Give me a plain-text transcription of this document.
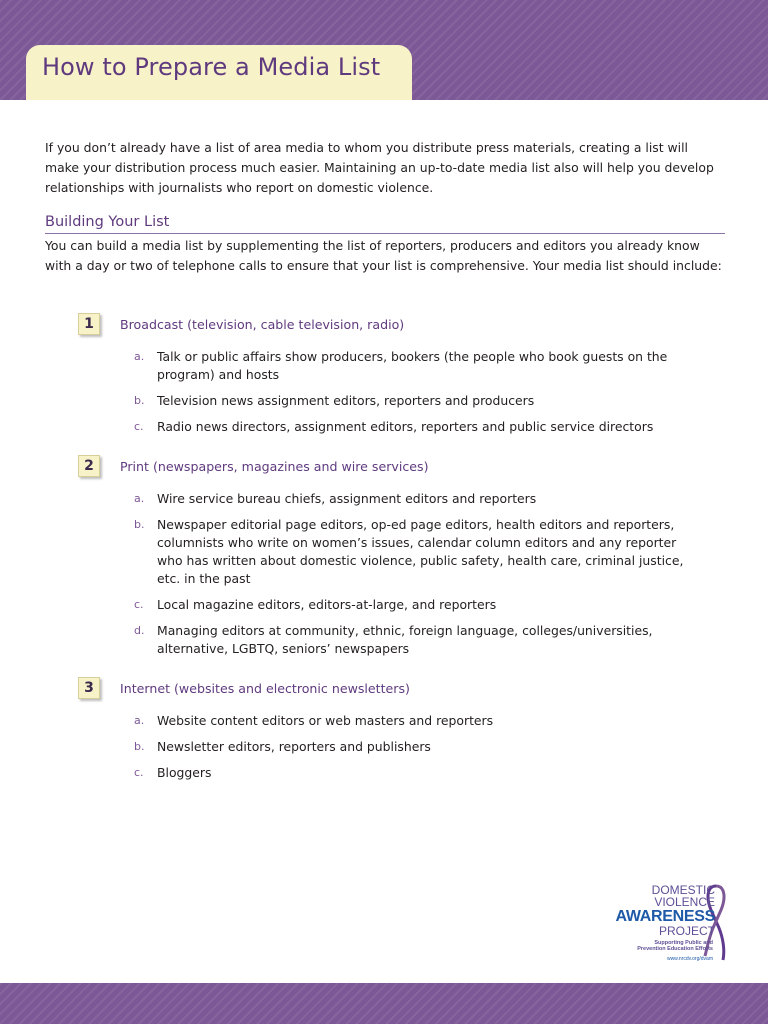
How to Prepare a Media List

If you don’t already have a list of area media to whom you distribute press materials, creating a list will make your distribution process much easier. Maintaining an up-to-date media list also will help you develop relationships with journalists who report on domestic violence.

Building Your List

You can build a media list by supplementing the list of reporters, producers and editors you already know with a day or two of telephone calls to ensure that your list is comprehensive. Your media list should include:

1	Broadcast (television, cable television, radio)
a.	Talk or public affairs show producers, bookers (the people who book guests on the program) and hosts
b.	Television news assignment editors, reporters and producers
c.	Radio news directors, assignment editors, reporters and public service directors
2	Print (newspapers, magazines and wire services)
a.	Wire service bureau chiefs, assignment editors and reporters
b.	Newspaper editorial page editors, op-ed page editors, health editors and reporters, columnists who write on women’s issues, calendar column editors and any reporter who has written about domestic violence, public safety, health care, criminal justice, etc. in the past
c.	Local magazine editors, editors-at-large, and reporters
d.	Managing editors at community, ethnic, foreign language, colleges/universities, alternative, LGBTQ, seniors’ newspapers
3	Internet (websites and electronic newsletters)
a.	Website content editors or web masters and reporters
b.	Newsletter editors, reporters and publishers
c.	Bloggers
DOMESTIC
VIOLENCE
AWARENESS
PROJECT
Supporting Public and
Prevention Education Efforts
www.nrcdv.org/dvam
